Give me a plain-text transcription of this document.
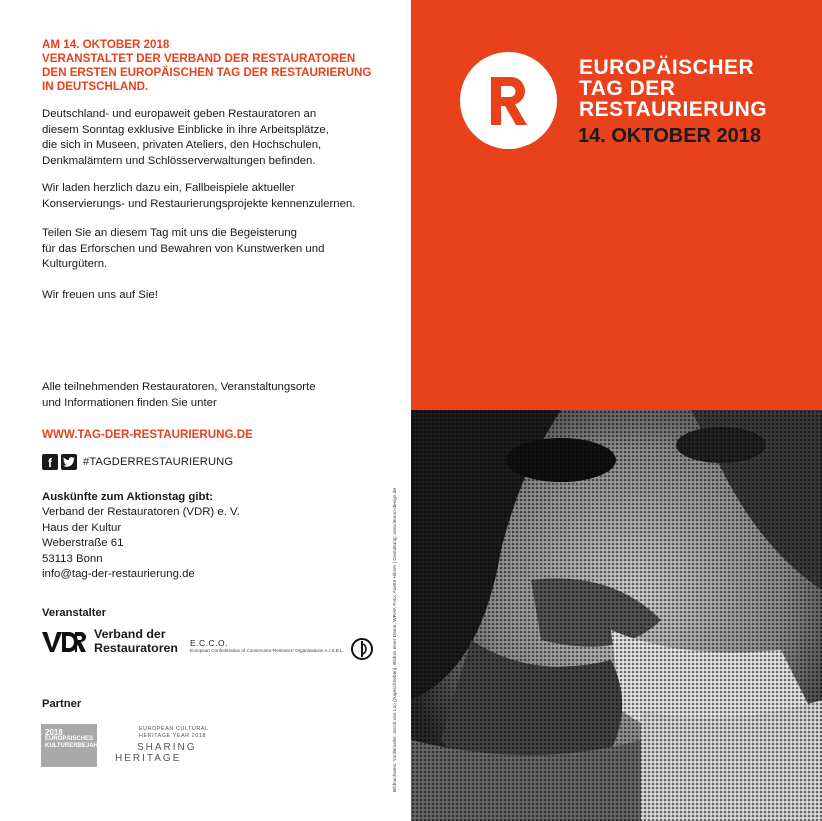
AM 14. OKTOBER 2018
VERANSTALTET DER VERBAND DER RESTAURATOREN
DEN ERSTEN EUROPÄISCHEN TAG DER RESTAURIERUNG
IN DEUTSCHLAND.
Deutschland- und europaweit geben Restauratoren an
diesem Sonntag exklusive Einblicke in ihre Arbeitsplätze,
die sich in Museen, privaten Ateliers, den Hochschulen,
Denkmalämtern und Schlösserverwaltungen befinden.
Wir laden herzlich dazu ein, Fallbeispiele aktueller
Konservierungs- und Restaurierungsprojekte kennenzulernen.
Teilen Sie an diesem Tag mit uns die Begeisterung
für das Erforschen und Bewahren von Kunstwerken und
Kulturgütern.
Wir freuen uns auf Sie!
Alle teilnehmenden Restauratoren, Veranstaltungsorte
und Informationen finden Sie unter
WWW.TAG-DER-RESTAURIERUNG.DE
f	#TAGDERRESTAURIERUNG
Auskünfte zum Aktionstag gibt:
Verband der Restauratoren (VDR) e. V.
Haus der Kultur
Weberstraße 61
53113 Bonn
info@tag-der-restaurierung.de
Veranstalter
Verband der
Restauratoren E.C.C.O.
European Confederation of Conservator-Restorers' Organisations A.I.S.B.L.
Partner
2018
EUROPÄISCHES
KULTURERBEJAHR
EUROPEAN CULTURAL
HERITAGE YEAR 2018
SHARING
HERITAGE	Bildnachweis: Vorderseite: Jacob van Loo (zugeschrieben), Bildnis einer Dame, WRAF, Foto: Anette Hilmer | Gestaltung: www.lemon-design.de
EUROPÄISCHER
TAG DER
RESTAURIERUNG
14. OKTOBER 2018
